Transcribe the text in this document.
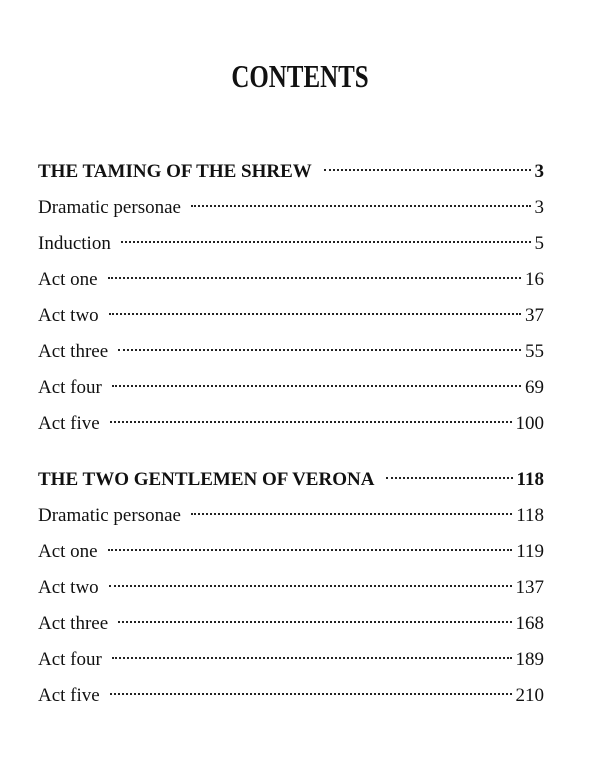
CONTENTS
THE TAMING OF THE SHREW	3
Dramatic personae	3
Induction	5
Act one	16
Act two	37
Act three	55
Act four	69
Act five	100
THE TWO GENTLEMEN OF VERONA	118
Dramatic personae	118
Act one	119
Act two	137
Act three	168
Act four	189
Act five	210
